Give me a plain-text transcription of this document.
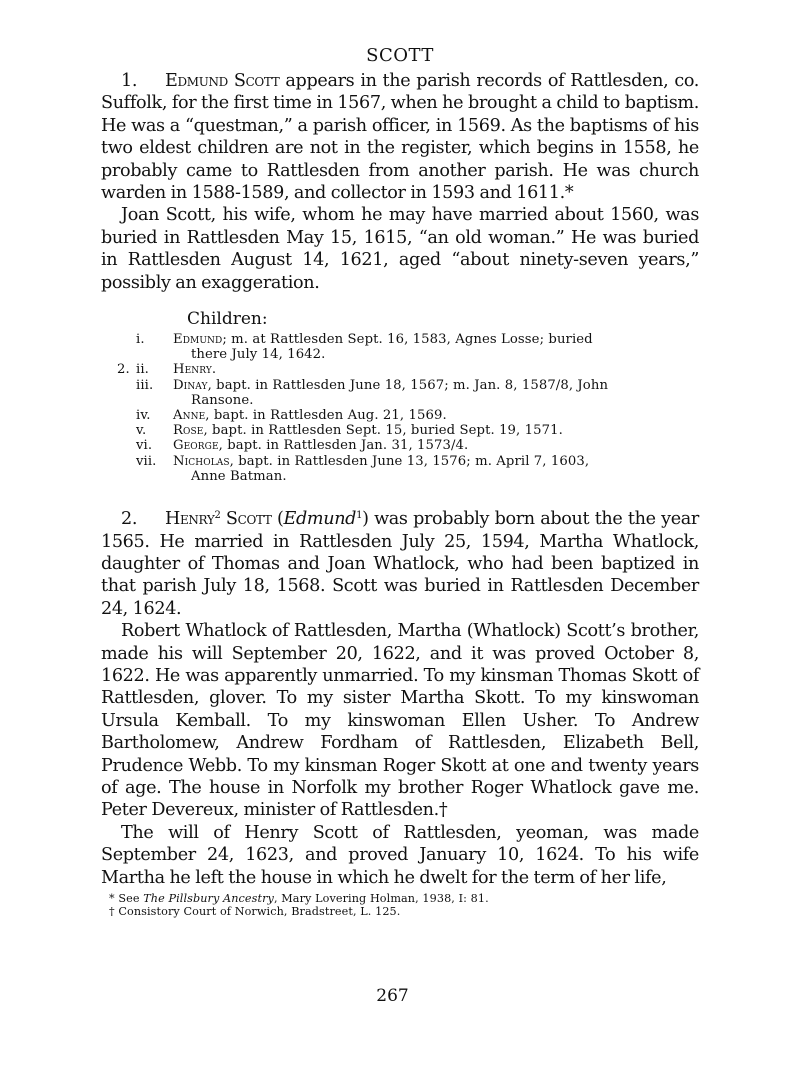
SCOTT

1. Edmund Scott appears in the parish records of Rattlesden, co. Suffolk, for the first time in 1567, when he brought a child to baptism. He was a “questman,” a parish officer, in 1569. As the baptisms of his two eldest children are not in the register, which begins in 1558, he probably came to Rattlesden from another parish. He was church warden in 1588-1589, and collector in 1593 and 1611.*

Joan Scott, his wife, whom he may have married about 1560, was buried in Rattlesden May 15, 1615, “an old woman.” He was buried in Rattlesden August 14, 1621, aged “about ninety-seven years,” possibly an exaggeration.

Children:
i. Edmund; m. at Rattlesden Sept. 16, 1583, Agnes Losse; buried
there July 14, 1642.
2. ii. Henry.
iii. Dinay, bapt. in Rattlesden June 18, 1567; m. Jan. 8, 1587/8, John
Ransone.
iv. Anne, bapt. in Rattlesden Aug. 21, 1569.
v. Rose, bapt. in Rattlesden Sept. 15, buried Sept. 19, 1571.
vi. George, bapt. in Rattlesden Jan. 31, 1573/4.
vii. Nicholas, bapt. in Rattlesden June 13, 1576; m. April 7, 1603,
Anne Batman.

2. Henry$^2$ Scott (Edmund$^1$) was probably born about the the year 1565. He married in Rattlesden July 25, 1594, Martha Whatlock, daughter of Thomas and Joan Whatlock, who had been baptized in that parish July 18, 1568. Scott was buried in Rattlesden December 24, 1624.

Robert Whatlock of Rattlesden, Martha (Whatlock) Scott’s brother, made his will September 20, 1622, and it was proved October 8, 1622. He was apparently unmarried. To my kinsman Thomas Skott of Rattlesden, glover. To my sister Martha Skott. To my kinswoman Ursula Kemball. To my kinswoman Ellen Usher. To Andrew Bartholomew, Andrew Fordham of Rattlesden, Elizabeth Bell, Prudence Webb. To my kinsman Roger Skott at one and twenty years of age. The house in Norfolk my brother Roger Whatlock gave me. Peter Devereux, minister of Rattlesden.†

The will of Henry Scott of Rattlesden, yeoman, was made September 24, 1623, and proved January 10, 1624. To his wife Martha he left the house in which he dwelt for the term of her life,

* See The Pillsbury Ancestry, Mary Lovering Holman, 1938, I: 81.
† Consistory Court of Norwich, Bradstreet, L. 125.
267
